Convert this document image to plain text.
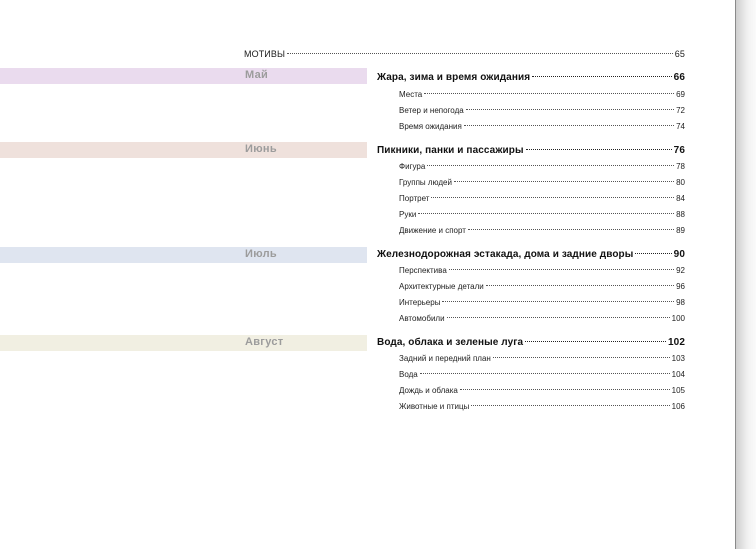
МОТИВЫ	65
Май	Жара, зима и время ожидания	66
Места	69
Ветер и непогода	72
Время ожидания	74
Июнь	Пикники, панки и пассажиры	76
Фигура	78
Группы людей	80
Портрет	84
Руки	88
Движение и спорт	89
Июль	Железнодорожная эстакада, дома и задние дворы	90
Перспектива	92
Архитектурные детали	96
Интерьеры	98
Автомобили	100
Август	Вода, облака и зеленые луга	102
Задний и передний план	103
Вода	104
Дождь и облака	105
Животные и птицы	106
